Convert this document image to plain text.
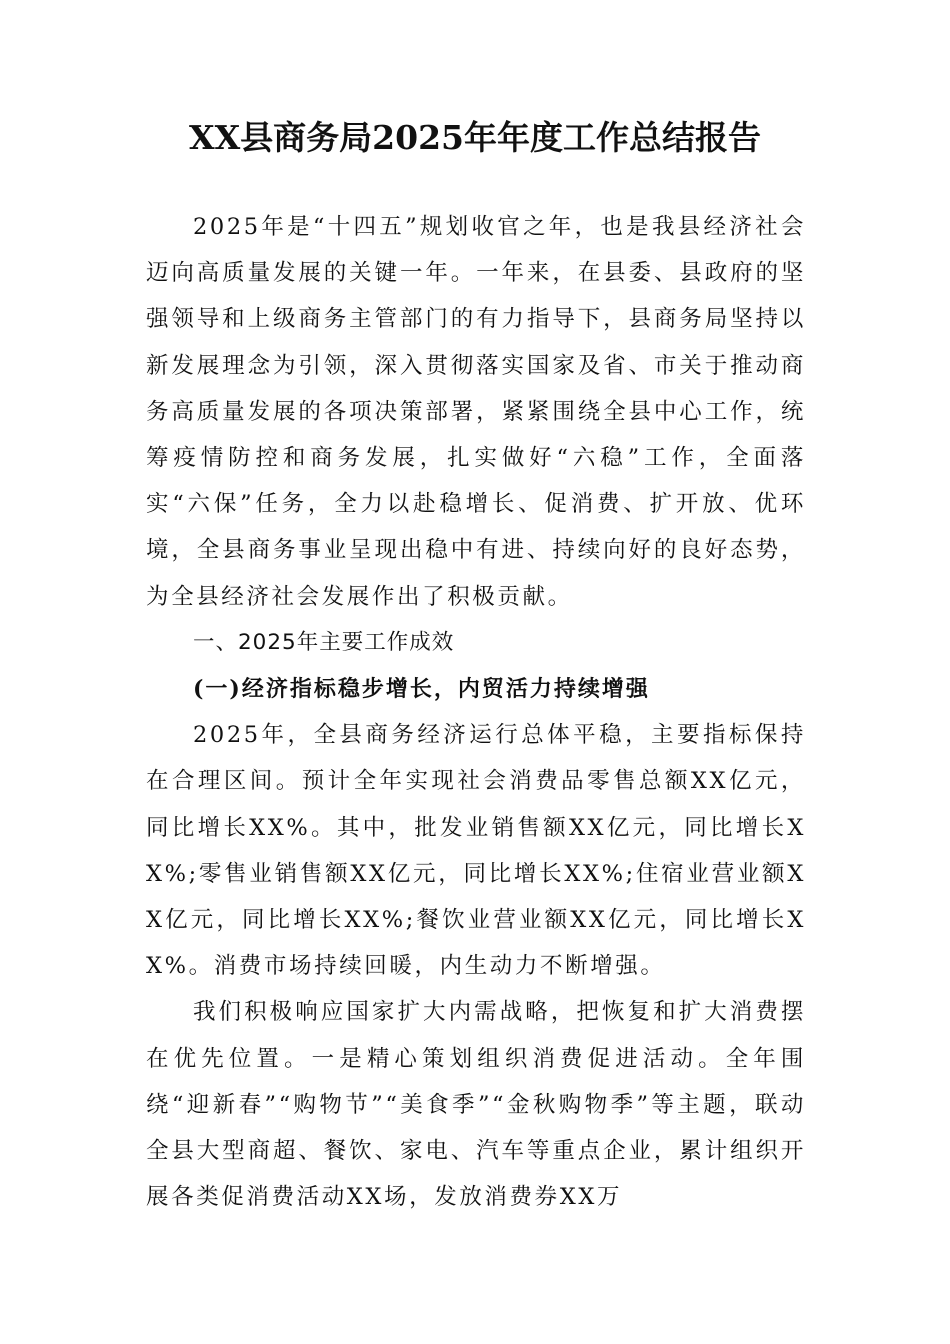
XX县商务局2025年年度工作总结报告

2025年是“十四五”规划收官之年，也是我县经济社会迈向高质量发展的关键一年。一年来，在县委、县政府的坚强领导和上级商务主管部门的有力指导下，县商务局坚持以新发展理念为引领，深入贯彻落实国家及省、市关于推动商务高质量发展的各项决策部署，紧紧围绕全县中心工作，统筹疫情防控和商务发展，扎实做好“六稳”工作，全面落实“六保”任务，全力以赴稳增长、促消费、扩开放、优环境，全县商务事业呈现出稳中有进、持续向好的良好态势，为全县经济社会发展作出了积极贡献。

一、2025年主要工作成效

(一)经济指标稳步增长，内贸活力持续增强

2025年，全县商务经济运行总体平稳，主要指标保持在合理区间。预计全年实现社会消费品零售总额XX亿元，同比增长XX%。其中，批发业销售额XX亿元，同比增长XX%;零售业销售额XX亿元，同比增长XX%;住宿业营业额XX亿元，同比增长XX%;餐饮业营业额XX亿元，同比增长XX%。消费市场持续回暖，内生动力不断增强。

我们积极响应国家扩大内需战略，把恢复和扩大消费摆在优先位置。一是精心策划组织消费促进活动。全年围绕“迎新春”“购物节”“美食季”“金秋购物季”等主题，联动全县大型商超、餐饮、家电、汽车等重点企业，累计组织开展各类促消费活动XX场，发放消费券XX万
